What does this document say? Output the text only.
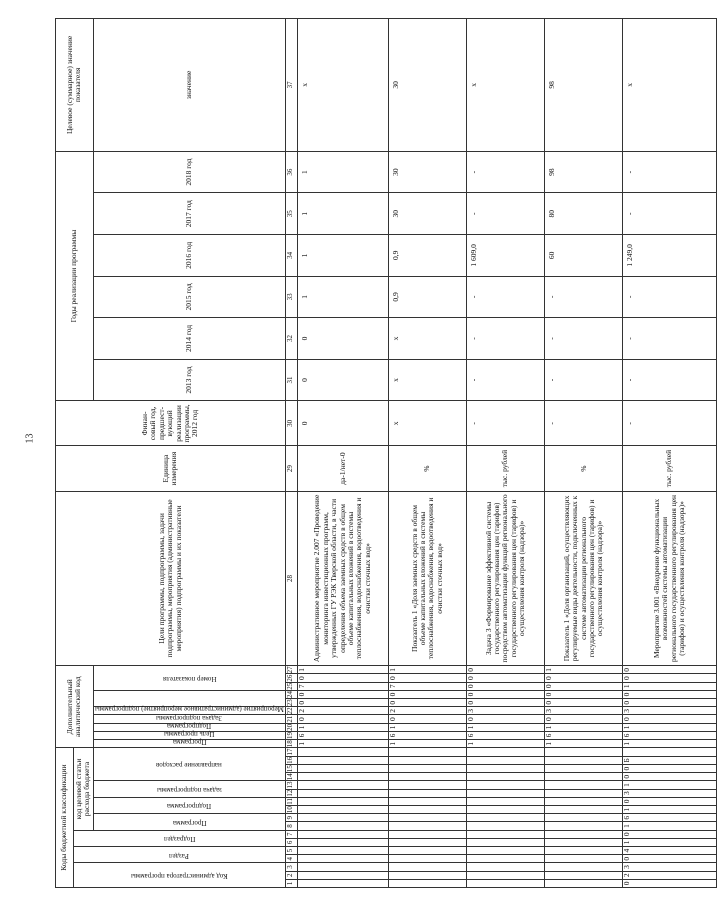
13
Коды бюджетной классификации																	Дополнительный аналитический код										Цели программы, подпрограммы, задачи подпрограммы, мероприятия (административные мероприятия) подпрограммы и их показатели	Единица измерения	Финан-совый год, предшест-вующий реализации программы, 2012 год	Годы реализации программы						Целевое (суммарное) значение показателя

Код администратора программы			Раздел		Подраздел		код целевой статьи расхода бюджета																													

							Программа		Подпрограмма		задача подпрограммы		направление расходов				Программа	Цель программы	Подпрограмма	Задача подпрограммы	Мероприятие (административное мероприятие) подпрограммы			Номер показателя						2013 год	2014 год	2015 год	2016 год	2017 год	2018 год	значение

1	2	3	4	5	6	7	8	9	10	11	12	13	14	15	16	17	18	19	20	21	22	23	24	25	26	27	28	29	30	31	32	33	34	35	36	37
																	1	6	1	0	2	0	0	7	0	1	Административное мероприятие 2.007 «Проведение мониторинга инвестиционных программ, утвержденных ГУ РЭК Тверской области, в части определения объема заемных средств в общем объеме капитальных вложений в системы теплоснабжения, водоснабжения, водоотведения и очистки сточных вод»	да-1/нет-0	0	0	0	1	1	1	1	х
																	1	6	1	0	2	0	0	7	0	1	Показатель 1 «Доля заемных средств в общем объеме капитальных вложений в системы теплоснабжения, водоснабжения, водоотведения и очистки сточных вод»	%	х	х	х	0,9	0,9	30	30	30
																	1	6	1	0	3	0	0	0	0	0	Задача 3 «Формирование эффективной системы государственного регулирования цен (тарифов) посредством автоматизации функций регионального государственного регулирования цен (тарифов) и осуществления контроля (надзора)»	тыс. рублей	-	-	-	-	1 609,0	-	-	х
																	1	6	1	0	3	0	0	0	0	1	Показатель 1 «Доля организаций, осуществляющих регулируемые виды деятельности, подключенных к системе автоматизации регионального государственного регулирования цен (тарифов) и осуществления контроля (надзора)»	%	-	-	-	-	60	80	98	98
0	2	3	0	4	1	0	1	6	1	0	3	1	0	0	Б		1	6	1	0	3	0	0	1	0	0	Мероприятие 3.001 «Внедрение функциональных возможностей системы автоматизации регионального государственного регулирования цен (тарифов) и осуществления контроля (надзора)»	тыс. рублей	-	-	-	-	1 249,0	-	-	х
